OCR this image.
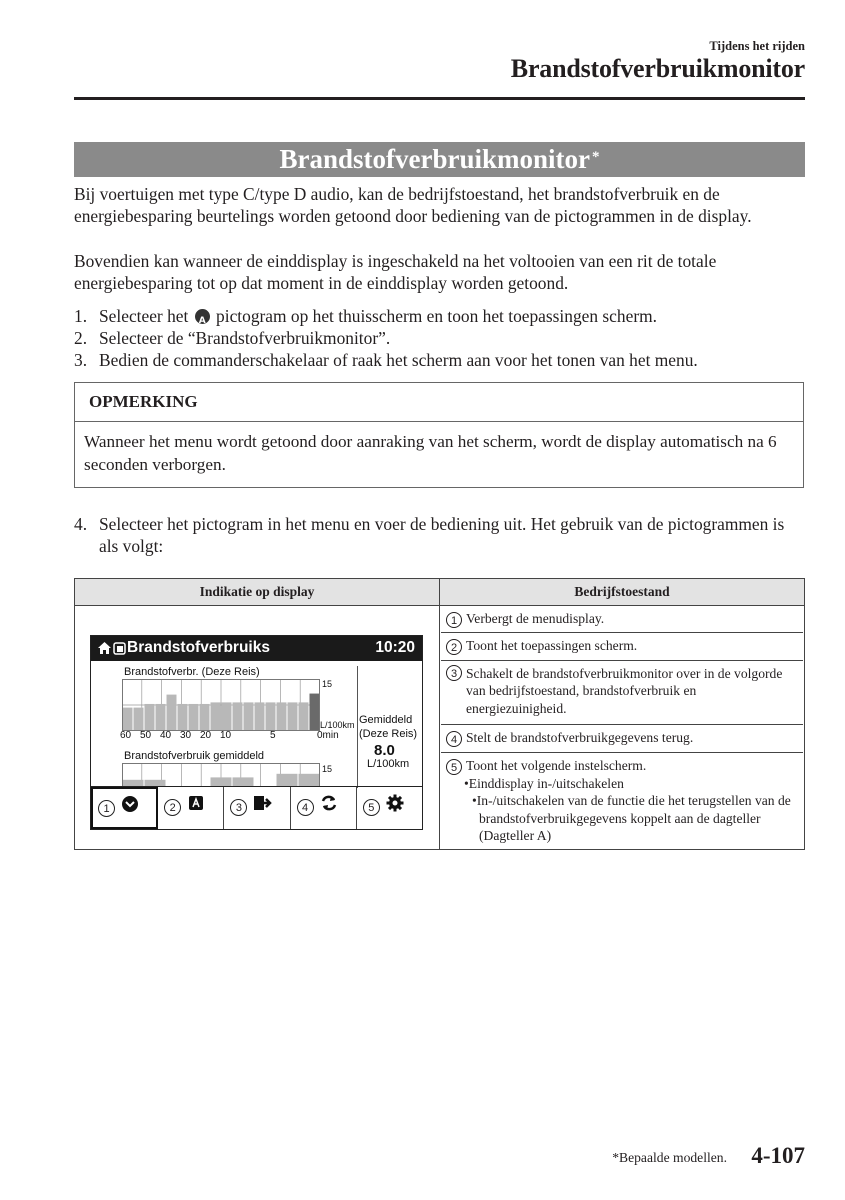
Tijdens het rijden
Brandstofverbruikmonitor
Brandstofverbruikmonitor*
Bij voertuigen met type C/type D audio, kan de bedrijfstoestand, het brandstofverbruik en de energiebesparing beurtelings worden getoond door bediening van de pictogrammen in de display.
Bovendien kan wanneer de einddisplay is ingeschakeld na het voltooien van een rit de totale energiebesparing tot op dat moment in de einddisplay worden getoond.
1. Selecteer het A pictogram op het thuisscherm en toon het toepassingen scherm.
2. Selecteer de “Brandstofverbruikmonitor”.
3. Bedien de commanderschakelaar of raak het scherm aan voor het tonen van het menu.
OPMERKING
Wanneer het menu wordt getoond door aanraking van het scherm, wordt de display automatisch na 6 seconden verborgen.
4. Selecteer het pictogram in het menu en voer de bediening uit. Het gebruik van de pictogrammen is als volgt:
Indikatie op display	Bedrijfstoestand
Brandstofverbruiks	10:20
Brandstofverbr. (Deze Reis)
15
L/100km
60 50 40 30 20 10	5	0min
Gemiddeld
(Deze Reis)
8.0
L/100km
Brandstofverbruik gemiddeld
15
1	2	3	4	5
1 Verbergt de menudisplay.
2 Toont het toepassingen scherm.
3 Schakelt de brandstofverbruikmonitor over in de volgorde van bedrijfstoestand, brandstofverbruik en energiezuinigheid.
4 Stelt de brandstofverbruikgegevens terug.
5 Toont het volgende instelscherm.
•Einddisplay in-/uitschakelen
•In-/uitschakelen van de functie die het terugstellen van de brandstofverbruikgegevens koppelt aan de dagteller (Dagteller A)
*Bepaalde modellen. 4-107
